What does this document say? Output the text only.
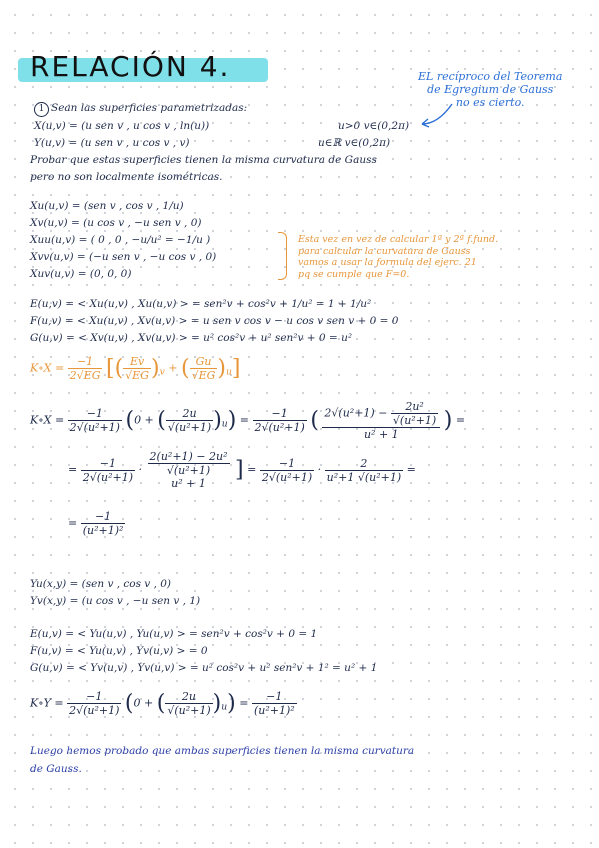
RELACIÓN 4.	EL recíproco del Teorema
de Egregium de Gauss
no es cierto.
1 Sean las superficies parametrizadas:
X(u,v) = (u sen v , u cos v , ln(u))	u>0 v∈(0,2π)
Y(u,v) = (u sen v , u cos v , v)	u∈ℝ v∈(0,2π)
Probar que estas superficies tienen la misma curvatura de Gauss
pero no son localmente isométricas.
Xu(u,v) = (sen v , cos v , 1/u)
Xv(u,v) = (u cos v , −u sen v , 0)
Xuu(u,v) = ( 0 , 0 , −u/u² = −1/u )
Xvv(u,v) = (−u sen v , −u cos v , 0)
Xuv(u,v) = (0, 0, 0)
Esta vez en vez de calcular 1ª y 2ª f.fund.
para calcular la curvatura de Gauss
vamos a usar la formula del ejerc. 21
pq se cumple que F=0.
E(u,v) = < Xu(u,v) , Xu(u,v) > = sen²v + cos²v + 1/u² = 1 + 1/u²
F(u,v) = < Xu(u,v) , Xv(u,v) > = u sen v cos v − u cos v sen v + 0 = 0
G(u,v) = < Xv(u,v) , Xv(u,v) > = u² cos²v + u² sen²v + 0 = u²
K∘X = $\frac{-1}{2√EG}$ [( $\frac{Ev}{√EG} )_v$ + ( $\frac{Gu}{√EG} )_u$]
K∘X = $\frac{-1}{\text{2√(u²+1)}} (0$ + ( $\frac{2u}{\text{√(u²+1)}} )_u) = \frac{-1}{\text{2√(u²+1)}}$ ( $\frac{2√(u^2+1) - \frac{\text{2u²}}{\text{√(u²+1)}}}{\text{u² + 1}}$ ) =
= $\frac{-1}{\text{2√(u²+1)}}$ ·
2(u²+1) − 2u²
√(u²+1)
u² + 1
] = $\frac{-1}{\text{2√(u²+1)}} \cdot \frac{2}{\text{u²+1 √(u²+1)}}$ =
= $\frac{-1}{\text{(u²+1)²}}$
Yu(x,y) = (sen v , cos v , 0)
Yv(x,y) = (u cos v , −u sen v , 1)
E(u,v) = < Yu(u,v) , Yu(u,v) > = sen²v + cos²v + 0 = 1
F(u,v) = < Yu(u,v) , Yv(u,v) > = 0
G(u,v) = < Yv(u,v) , Yv(u,v) > = u² cos²v + u² sen²v + 1² = u² + 1
K∘Y = $\frac{-1}{\text{2√(u²+1)}} (0$ + ( $\frac{2u}{\text{√(u²+1)}} )_u) = \frac{-1}{\text{(u²+1)²}}$
Luego hemos probado que ambas superficies tienen la misma curvatura
de Gauss.
